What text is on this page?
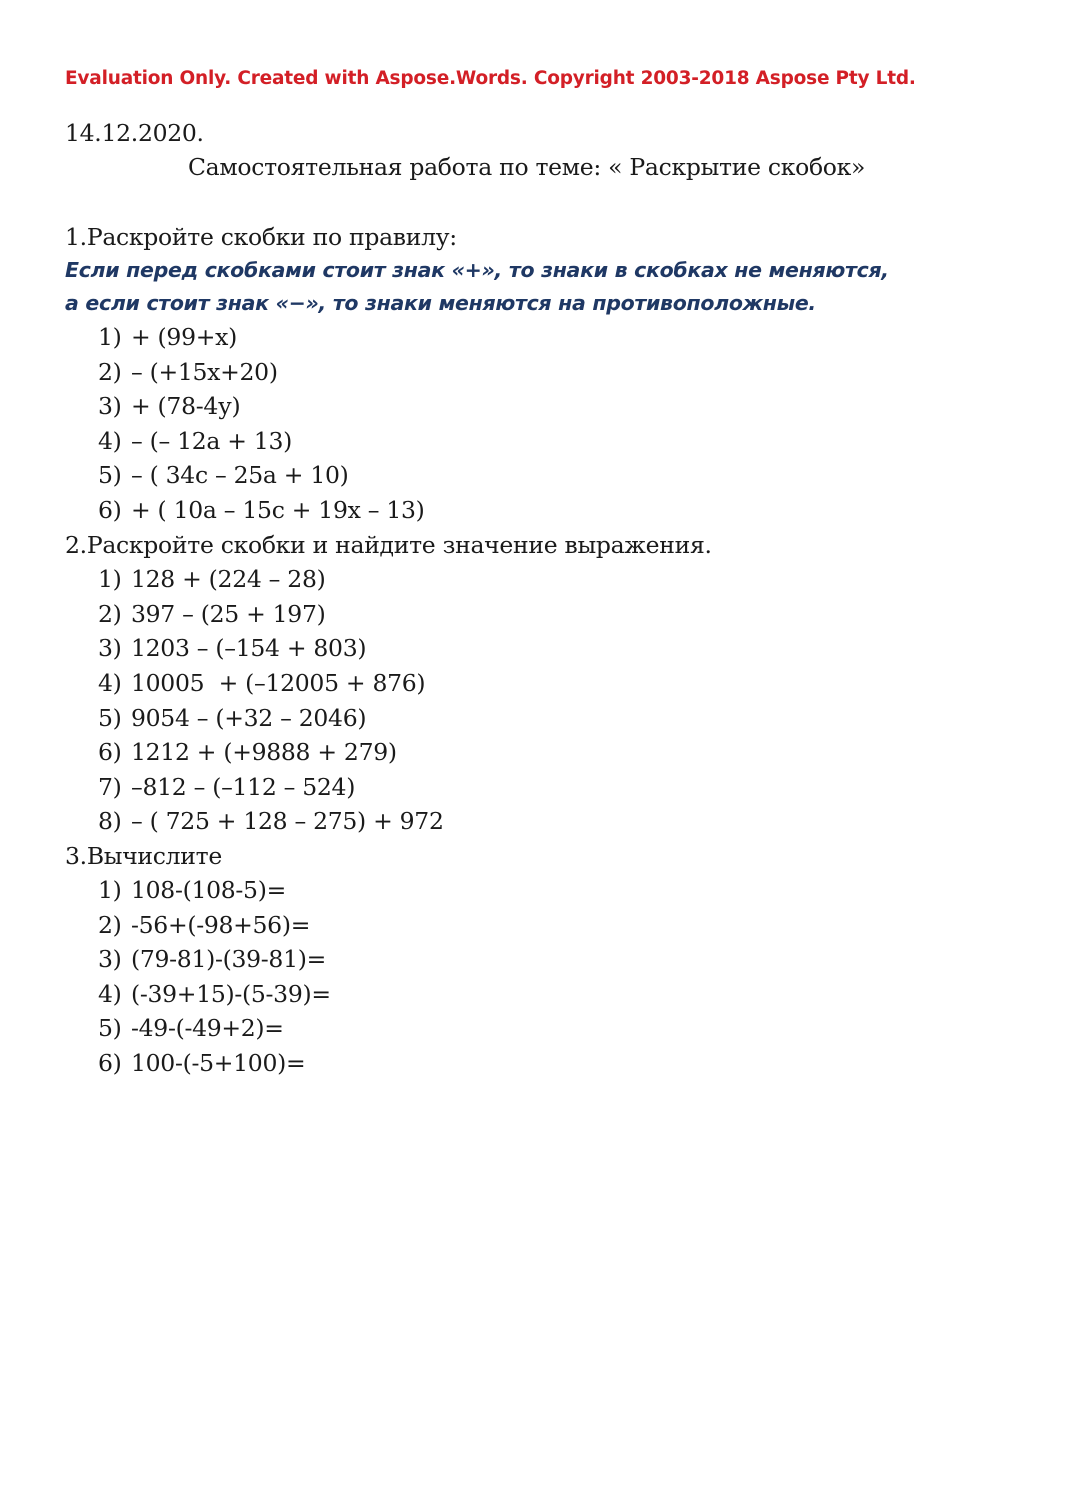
Evaluation Only. Created with Aspose.Words. Copyright 2003-2018 Aspose Pty Ltd.
14.12.2020.
Самостоятельная работа по теме: « Раскрытие скобок»
1.Раскройте скобки по правилу:
Если перед скобками стоит знак «+», то знаки в скобках не меняются,
а если стоит знак «−», то знаки меняются на противоположные.
1) + (99+х)
2) – (+15х+20)
3) + (78-4у)
4) – (– 12а + 13)
5) – ( 34с – 25а + 10)
6) + ( 10а – 15с + 19х – 13)
2.Раскройте скобки и найдите значение выражения.
1) 128 + (224 – 28)
2) 397 – (25 + 197)
3) 1203 – (–154 + 803)
4) 10005  + (–12005 + 876)
5) 9054 – (+32 – 2046)
6) 1212 + (+9888 + 279)
7) –812 – (–112 – 524)
8) – ( 725 + 128 – 275) + 972
3.Вычислите
1) 108-(108-5)=
2) -56+(-98+56)=
3) (79-81)-(39-81)=
4) (-39+15)-(5-39)=
5) -49-(-49+2)=
6) 100-(-5+100)=
